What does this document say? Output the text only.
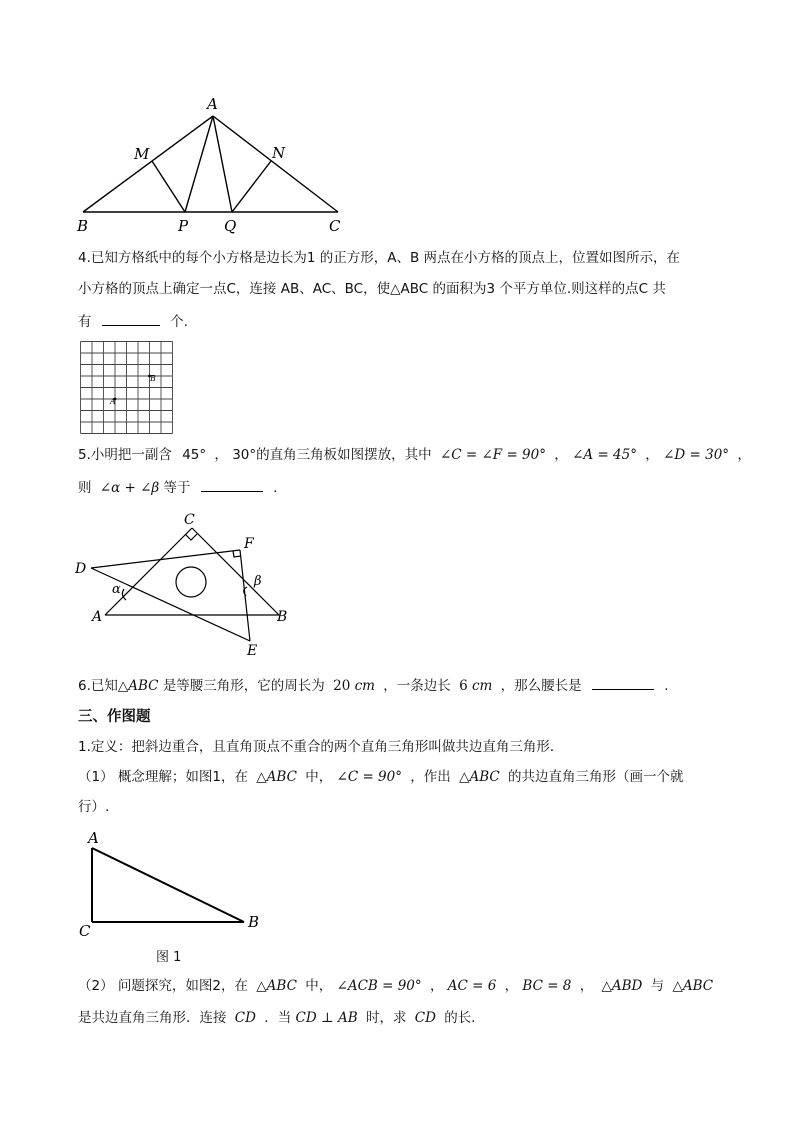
A
M	N
B	P Q	C
4.已知方格纸中的每个小方格是边长为1 的正方形，A、B 两点在小方格的顶点上，位置如图所示，在
小方格的顶点上确定一点C，连接 AB、AC、BC，使△ABC 的面积为3 个平方单位.则这样的点C 共
有	个.
B
A
5.小明把一副含 45° ， 30°的直角三角板如图摆放，其中 ∠C = ∠F = 90° ， ∠A = 45° ， ∠D = 30° ，
则 ∠α + ∠β 等于	.
C
F
D
α
β
A	B
E
6.已知△ABC 是等腰三角形，它的周长为 20 cm ，一条边长 6 cm ，那么腰长是	.
三、作图题
1.定义：把斜边重合，且直角顶点不重合的两个直角三角形叫做共边直角三角形．
（1） 概念理解；如图1，在 △ABC 中， ∠C = 90° ，作出 △ABC 的共边直角三角形（画一个就
行）.
A
B
C
图 1
（2） 问题探究，如图2，在 △ABC 中， ∠ACB = 90° ， AC = 6 ， BC = 8 ， △ABD 与 △ABC
是共边直角三角形．连接 CD ．当 CD ⊥ AB 时，求 CD 的长．
